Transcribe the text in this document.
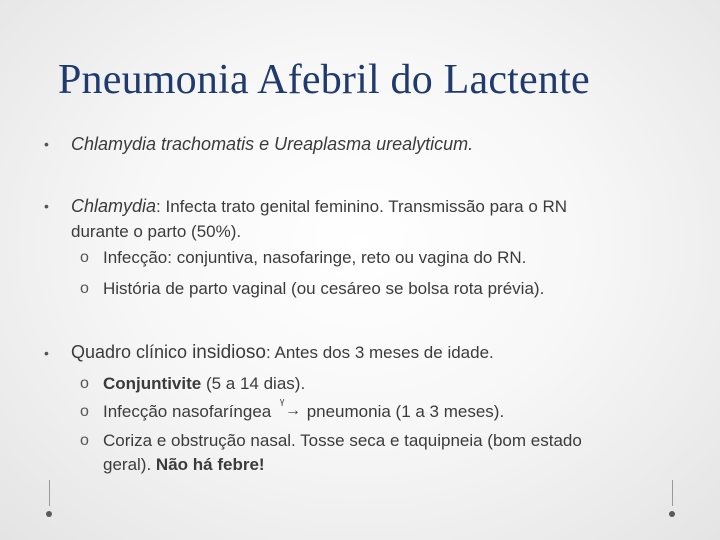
Pneumonia Afebril do Lactente
• Chlamydia trachomatis e Ureaplasma urealyticum.
• Chlamydia: Infecta trato genital feminino. Transmissão para o RN
durante o parto (50%).
o Infecção: conjuntiva, nasofaringe, reto ou vagina do RN.
o História de parto vaginal (ou cesáreo se bolsa rota prévia).
• Quadro clínico insidioso: Antes dos 3 meses de idade.
o Conjuntivite (5 a 14 dias).
o Infecção nasofaríngea ᵞ → pneumonia (1 a 3 meses).
o Coriza e obstrução nasal. Tosse seca e taquipneia (bom estado
geral). Não há febre!
